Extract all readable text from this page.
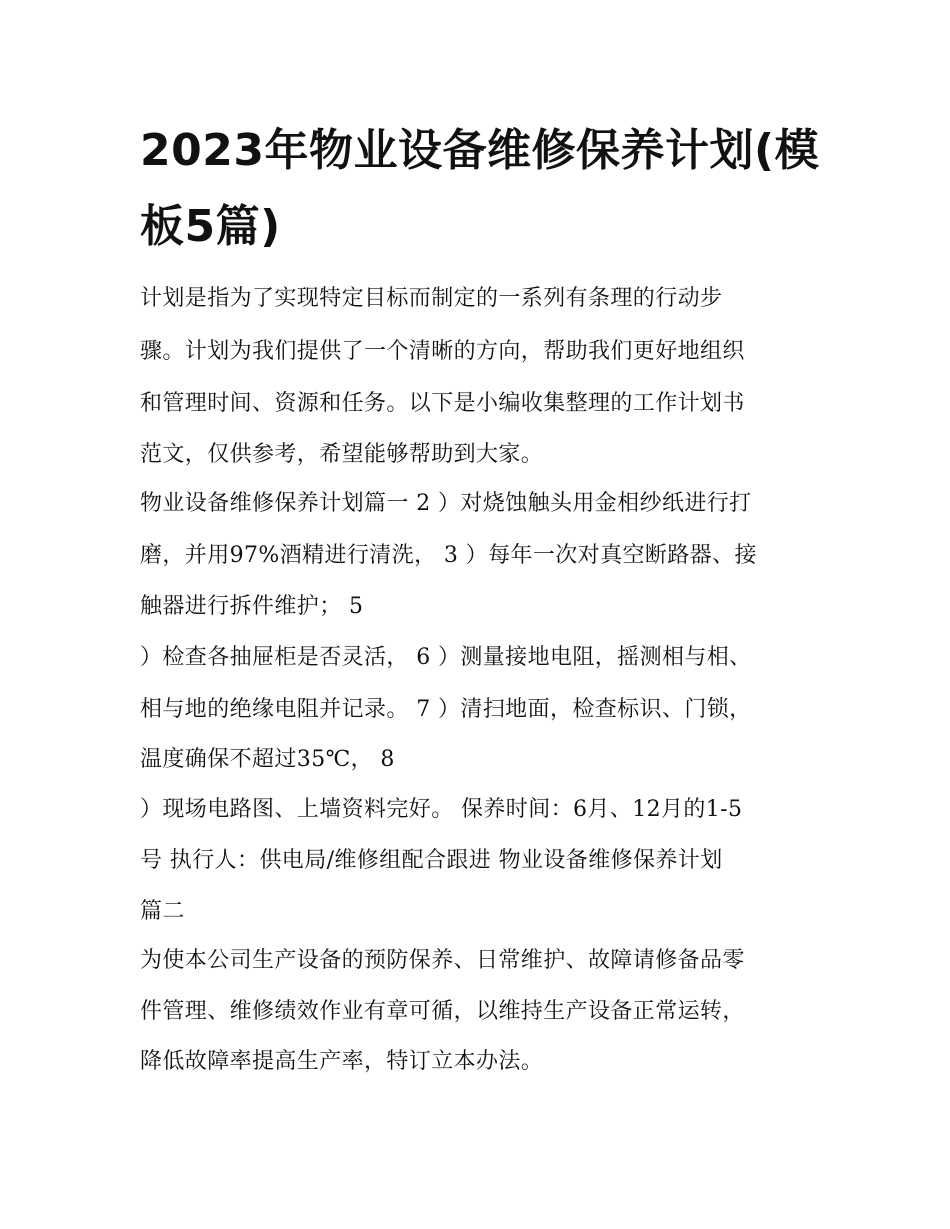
2023年物业设备维修保养计划(模板5篇)
计划是指为了实现特定目标而制定的一系列有条理的行动步
骤。计划为我们提供了一个清晰的方向，帮助我们更好地组织
和管理时间、资源和任务。以下是小编收集整理的工作计划书
范文，仅供参考，希望能够帮助到大家。
物业设备维修保养计划篇一 2 ）对烧蚀触头用金相纱纸进行打
磨，并用97%酒精进行清洗， 3 ）每年一次对真空断路器、接
触器进行拆件维护； 5
）检查各抽屉柜是否灵活， 6 ）测量接地电阻，摇测相与相、
相与地的绝缘电阻并记录。 7 ）清扫地面，检查标识、门锁，
温度确保不超过35℃， 8
）现场电路图、上墙资料完好。 保养时间：6月、12月的1-5
号 执行人：供电局/维修组配合跟进 物业设备维修保养计划
篇二
为使本公司生产设备的预防保养、日常维护、故障请修备品零
件管理、维修绩效作业有章可循，以维持生产设备正常运转，
降低故障率提高生产率，特订立本办法。
